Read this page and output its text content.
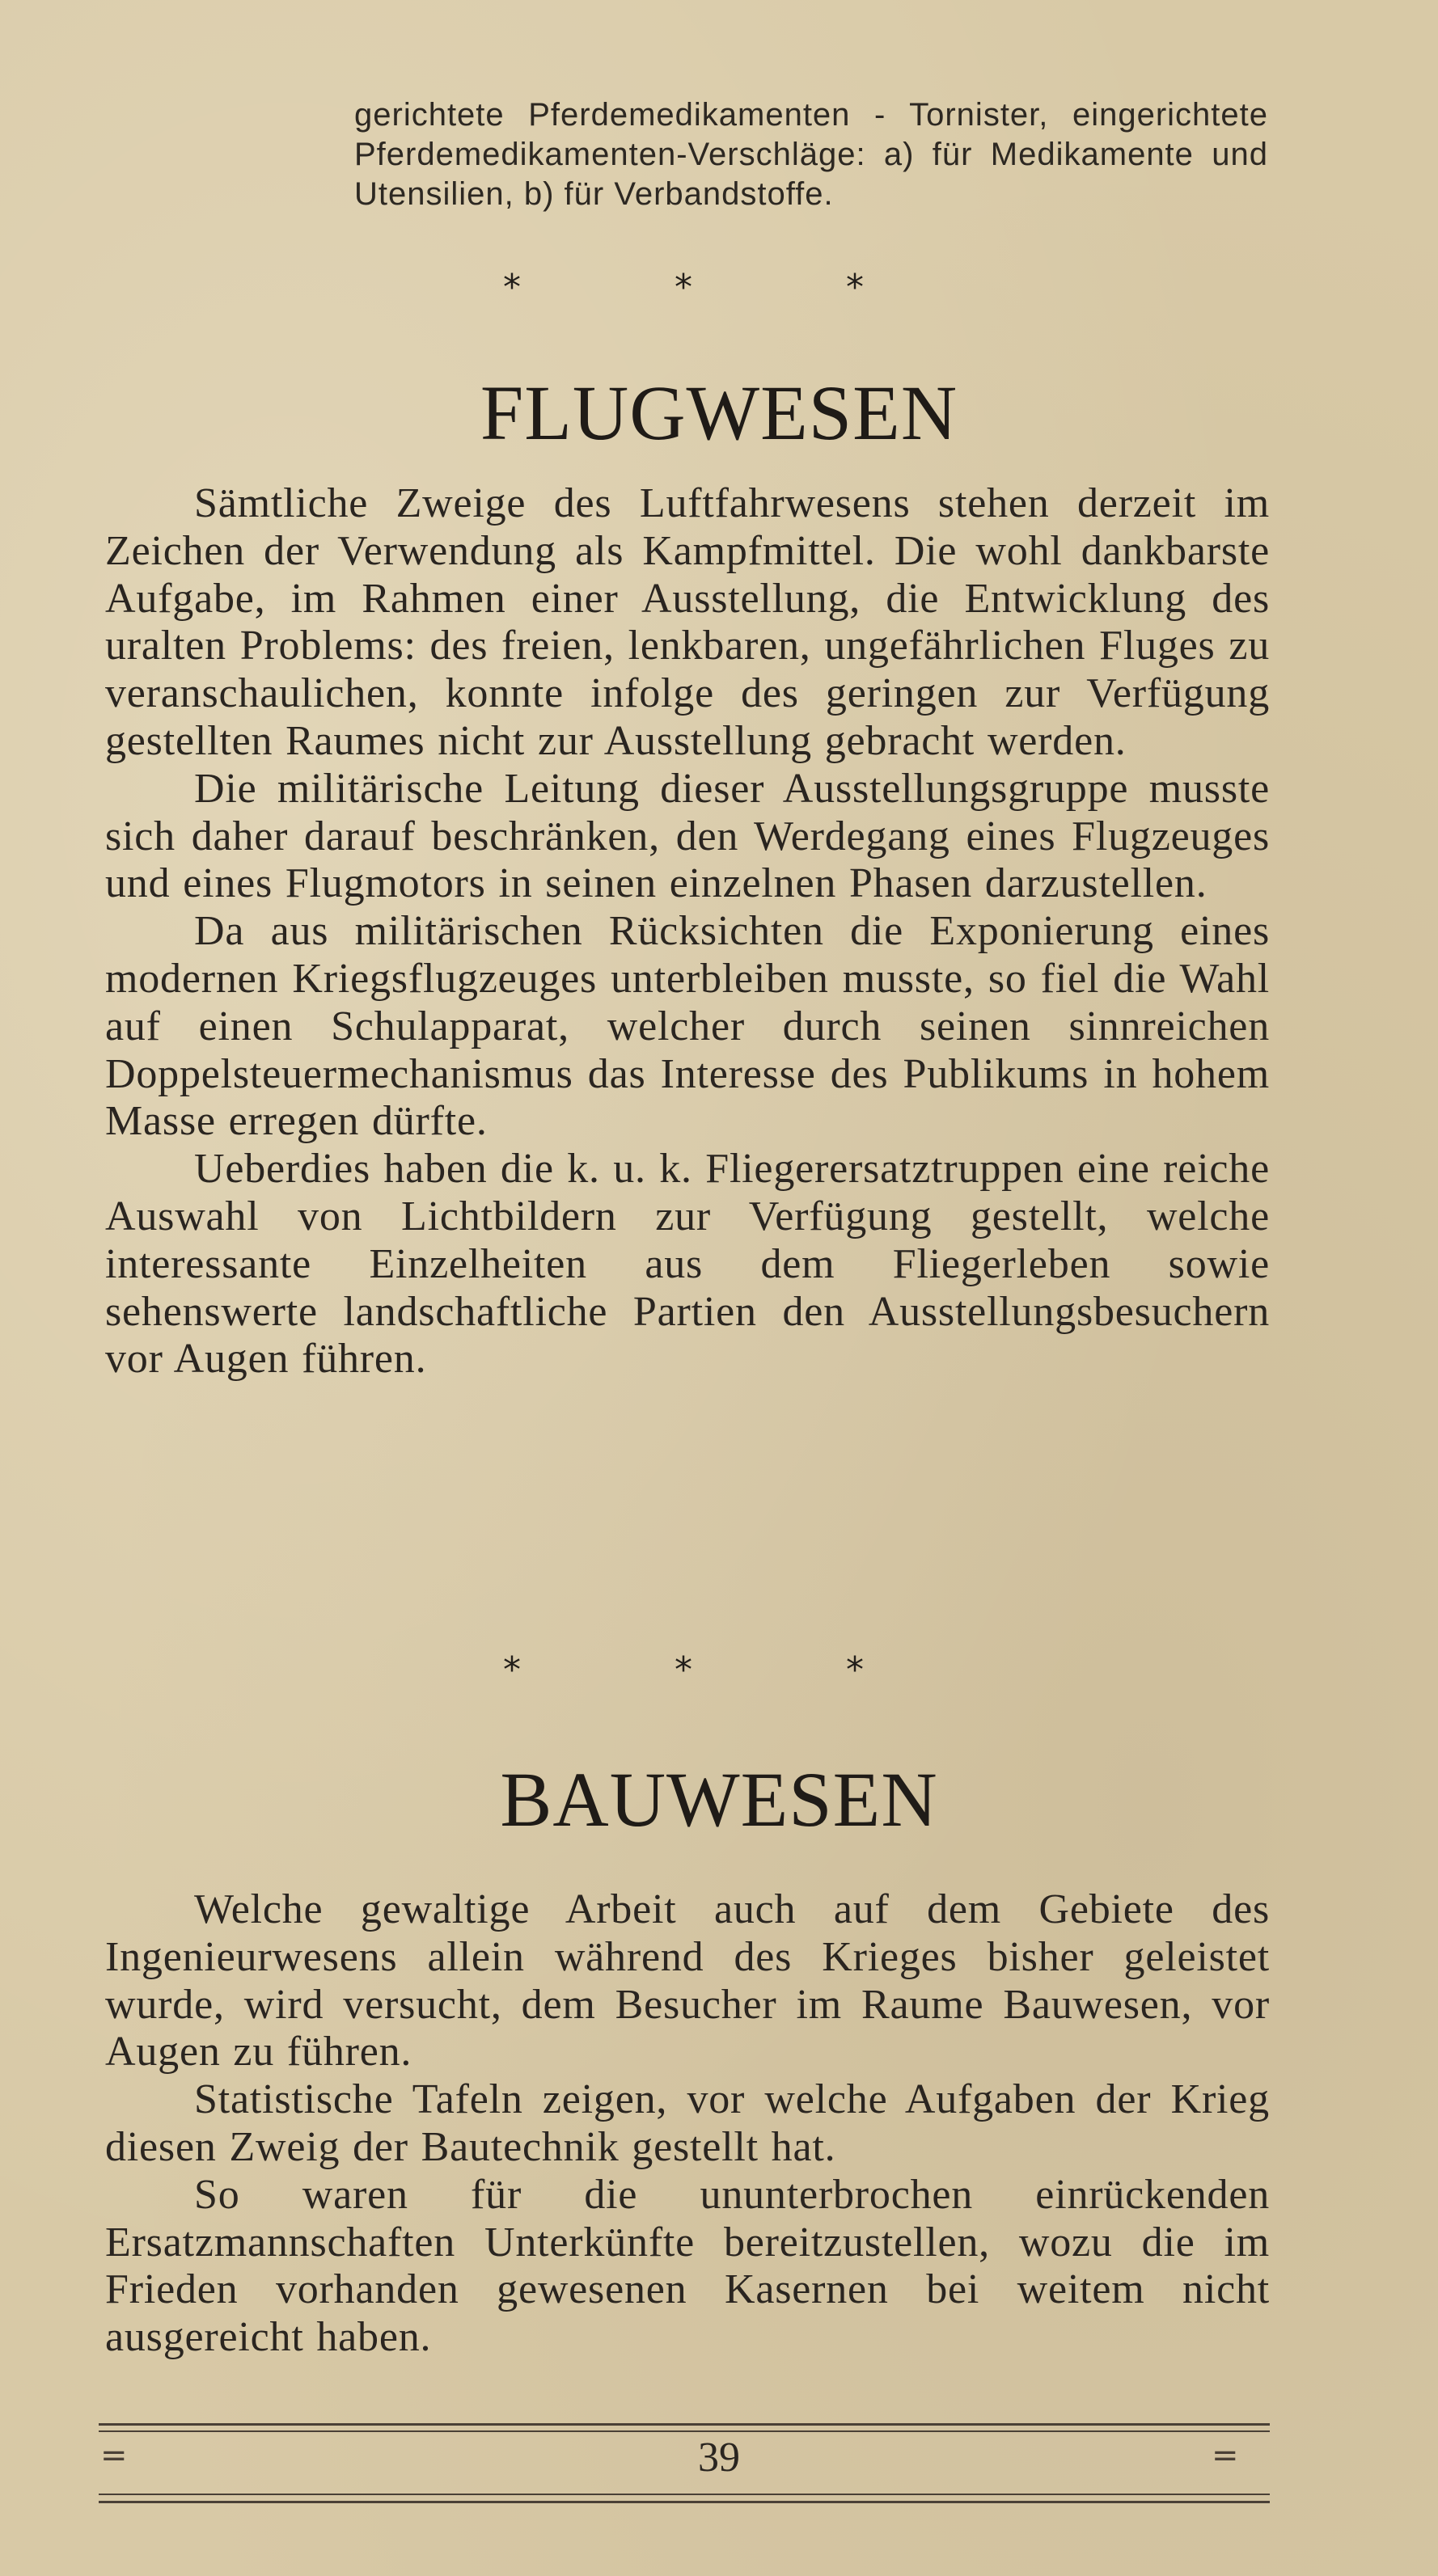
gerichtete Pferdemedikamenten - Tornister, eingerichtete Pferdemedikamenten-Verschläge: a) für Medikamente und Utensilien, b) für Verbandstoffe.
* * *
FLUGWESEN

Sämtliche Zweige des Luftfahrwesens stehen derzeit im Zeichen der Verwendung als Kampfmittel. Die wohl dankbarste Aufgabe, im Rahmen einer Ausstellung, die Entwicklung des uralten Problems: des freien, lenkbaren, ungefährlichen Fluges zu veranschaulichen, konnte infolge des geringen zur Verfügung gestellten Raumes nicht zur Ausstellung gebracht werden.

Die militärische Leitung dieser Ausstellungsgruppe musste sich daher darauf beschränken, den Werdegang eines Flugzeuges und eines Flugmotors in seinen einzelnen Phasen darzustellen.

Da aus militärischen Rücksichten die Exponierung eines modernen Kriegsflugzeuges unterbleiben musste, so fiel die Wahl auf einen Schulapparat, welcher durch seinen sinnreichen Doppelsteuermechanismus das Interesse des Publikums in hohem Masse erregen dürfte.

Ueberdies haben die k. u. k. Fliegerersatztruppen eine reiche Auswahl von Lichtbildern zur Verfügung gestellt, welche interessante Einzelheiten aus dem Fliegerleben sowie sehenswerte landschaftliche Partien den Ausstellungsbesuchern vor Augen führen.

* * *
BAUWESEN

Welche gewaltige Arbeit auch auf dem Gebiete des Ingenieurwesens allein während des Krieges bisher geleistet wurde, wird versucht, dem Besucher im Raume Bauwesen, vor Augen zu führen.

Statistische Tafeln zeigen, vor welche Aufgaben der Krieg diesen Zweig der Bautechnik gestellt hat.

So waren für die ununterbrochen einrückenden Ersatzmannschaften Unterkünfte bereitzustellen, wozu die im Frieden vorhanden gewesenen Kasernen bei weitem nicht ausgereicht haben.

=	39	=
